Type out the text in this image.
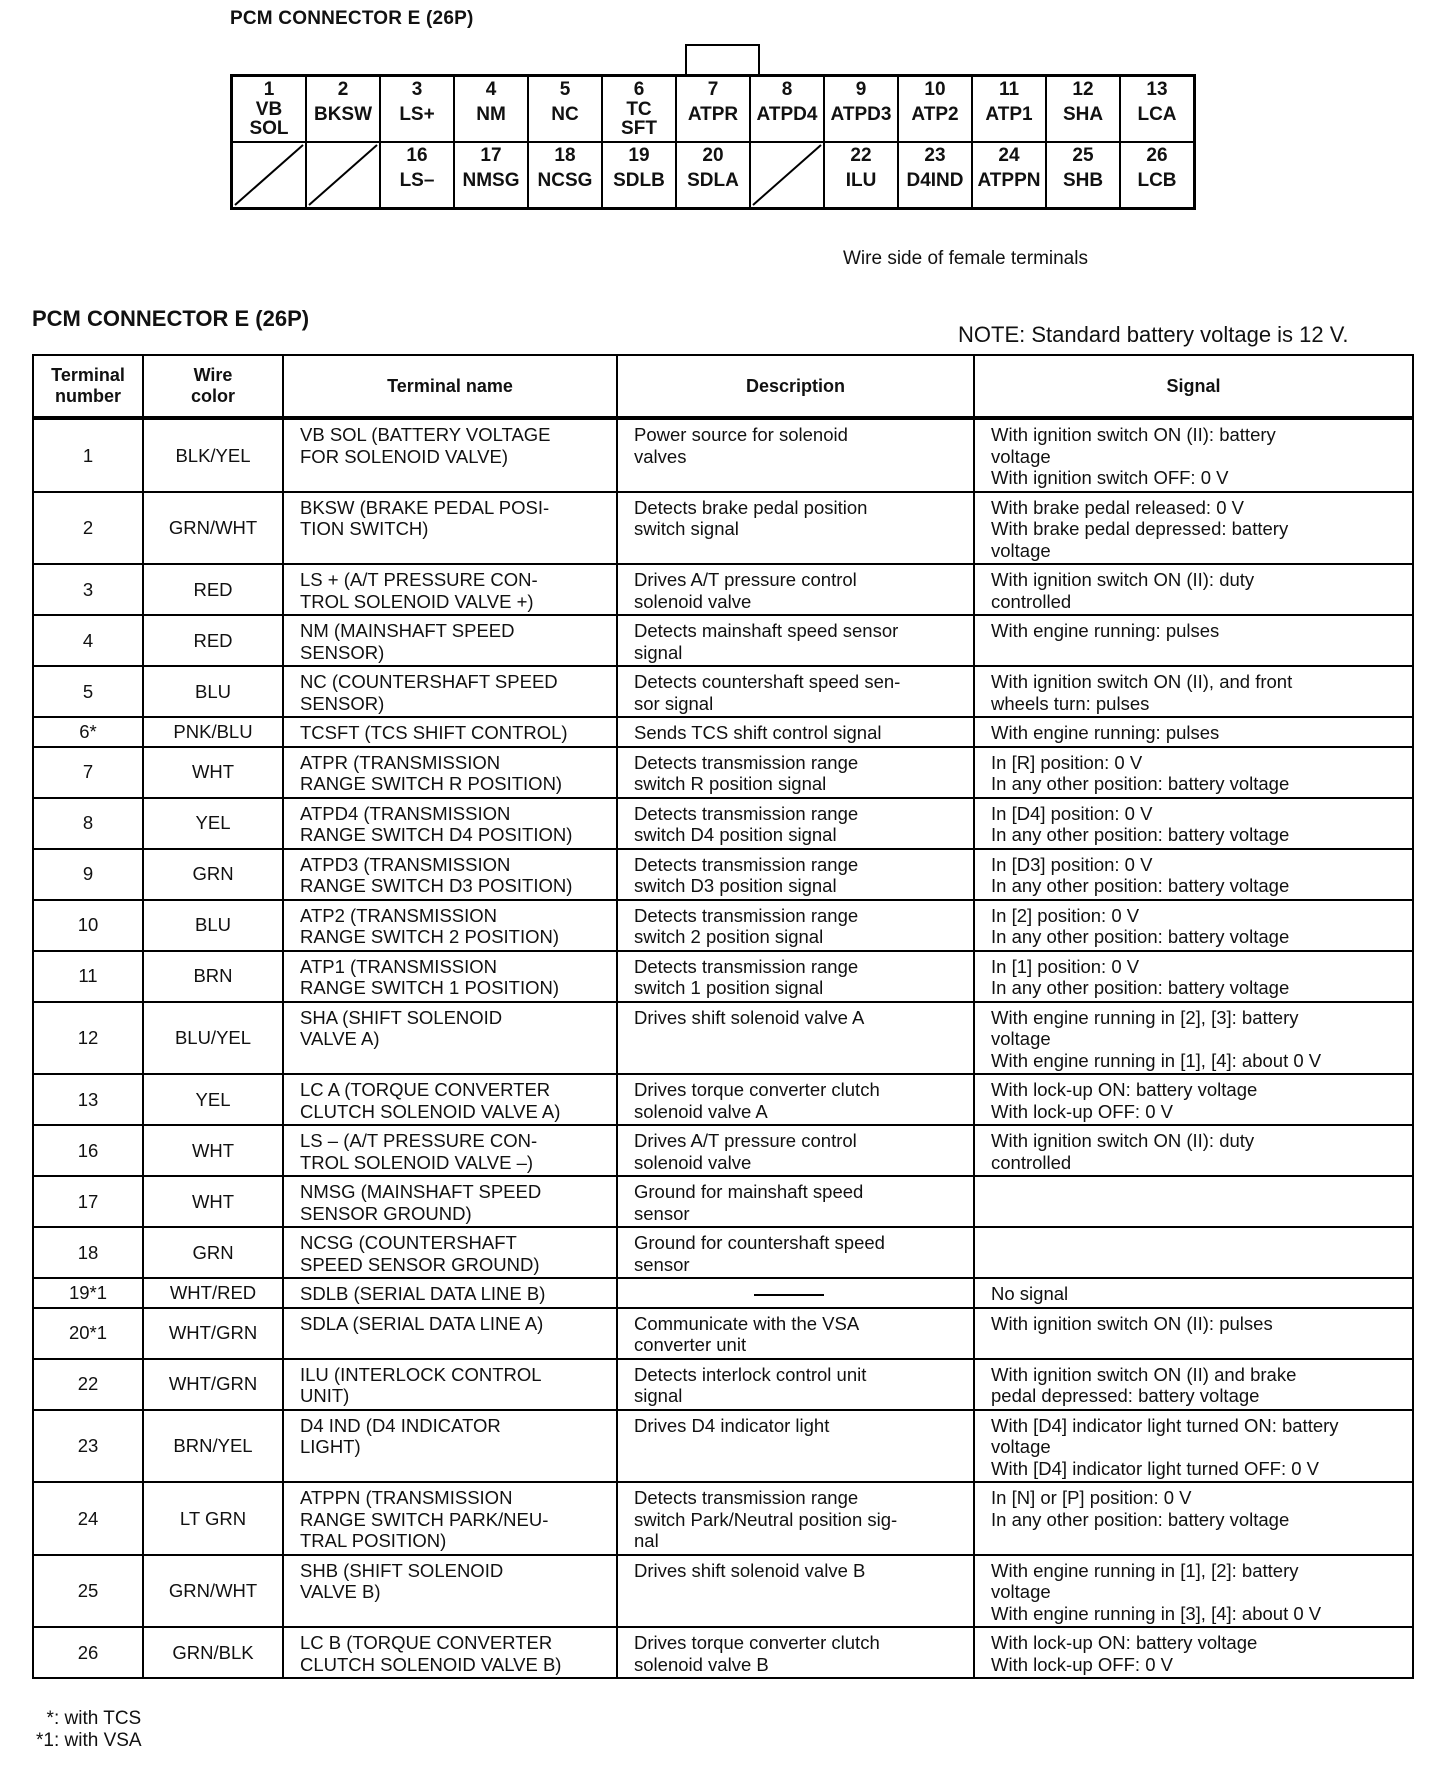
PCM CONNECTOR E (26P)
1
VB
SOL	2
BKSW	3
LS+	4
NM	5
NC	6
TC
SFT	7
ATPR	8
ATPD4	9
ATPD3	10
ATP2	11
ATP1	12
SHA	13
LCA

16
LS–	17
NMSG	18
NCSG	19
SDLB	20
SDLA		22
ILU	23
D4IND	24
ATPPN	25
SHB	26
LCB
Wire side of female terminals
PCM CONNECTOR E (26P)
NOTE: Standard battery voltage is 12 V.
Terminal
number	Wire
color	Terminal name	Description	Signal
1	BLK/YEL	VB SOL (BATTERY VOLTAGE
FOR SOLENOID VALVE)	Power source for solenoid
valves	With ignition switch ON (II): battery
voltage
With ignition switch OFF: 0 V
2	GRN/WHT	BKSW (BRAKE PEDAL POSI-
TION SWITCH)	Detects brake pedal position
switch signal	With brake pedal released: 0 V
With brake pedal depressed: battery
voltage
3	RED	LS + (A/T PRESSURE CON-
TROL SOLENOID VALVE +)	Drives A/T pressure control
solenoid valve	With ignition switch ON (II): duty
controlled
4	RED	NM (MAINSHAFT SPEED
SENSOR)	Detects mainshaft speed sensor
signal	With engine running: pulses
5	BLU	NC (COUNTERSHAFT SPEED
SENSOR)	Detects countershaft speed sen-
sor signal	With ignition switch ON (II), and front
wheels turn: pulses
6*	PNK/BLU	TCSFT (TCS SHIFT CONTROL)	Sends TCS shift control signal	With engine running: pulses
7	WHT	ATPR (TRANSMISSION
RANGE SWITCH R POSITION)	Detects transmission range
switch R position signal	In [R] position: 0 V
In any other position: battery voltage
8	YEL	ATPD4 (TRANSMISSION
RANGE SWITCH D4 POSITION)	Detects transmission range
switch D4 position signal	In [D4] position: 0 V
In any other position: battery voltage
9	GRN	ATPD3 (TRANSMISSION
RANGE SWITCH D3 POSITION)	Detects transmission range
switch D3 position signal	In [D3] position: 0 V
In any other position: battery voltage
10	BLU	ATP2 (TRANSMISSION
RANGE SWITCH 2 POSITION)	Detects transmission range
switch 2 position signal	In [2] position: 0 V
In any other position: battery voltage
11	BRN	ATP1 (TRANSMISSION
RANGE SWITCH 1 POSITION)	Detects transmission range
switch 1 position signal	In [1] position: 0 V
In any other position: battery voltage
12	BLU/YEL	SHA (SHIFT SOLENOID
VALVE A)	Drives shift solenoid valve A	With engine running in [2], [3]: battery
voltage
With engine running in [1], [4]: about 0 V
13	YEL	LC A (TORQUE CONVERTER
CLUTCH SOLENOID VALVE A)	Drives torque converter clutch
solenoid valve A	With lock-up ON: battery voltage
With lock-up OFF: 0 V
16	WHT	LS – (A/T PRESSURE CON-
TROL SOLENOID VALVE –)	Drives A/T pressure control
solenoid valve	With ignition switch ON (II): duty
controlled
17	WHT	NMSG (MAINSHAFT SPEED
SENSOR GROUND)	Ground for mainshaft speed
sensor	
18	GRN	NCSG (COUNTERSHAFT
SPEED SENSOR GROUND)	Ground for countershaft speed
sensor	
19*1	WHT/RED	SDLB (SERIAL DATA LINE B)		No signal
20*1	WHT/GRN	SDLA (SERIAL DATA LINE A)	Communicate with the VSA
converter unit	With ignition switch ON (II): pulses
22	WHT/GRN	ILU (INTERLOCK CONTROL
UNIT)	Detects interlock control unit
signal	With ignition switch ON (II) and brake
pedal depressed: battery voltage
23	BRN/YEL	D4 IND (D4 INDICATOR
LIGHT)	Drives D4 indicator light	With [D4] indicator light turned ON: battery
voltage
With [D4] indicator light turned OFF: 0 V
24	LT GRN	ATPPN (TRANSMISSION
RANGE SWITCH PARK/NEU-
TRAL POSITION)	Detects transmission range
switch Park/Neutral position sig-
nal	In [N] or [P] position: 0 V
In any other position: battery voltage
25	GRN/WHT	SHB (SHIFT SOLENOID
VALVE B)	Drives shift solenoid valve B	With engine running in [1], [2]: battery
voltage
With engine running in [3], [4]: about 0 V
26	GRN/BLK	LC B (TORQUE CONVERTER
CLUTCH SOLENOID VALVE B)	Drives torque converter clutch
solenoid valve B	With lock-up ON: battery voltage
With lock-up OFF: 0 V
*: with TCS
*1: with VSA
